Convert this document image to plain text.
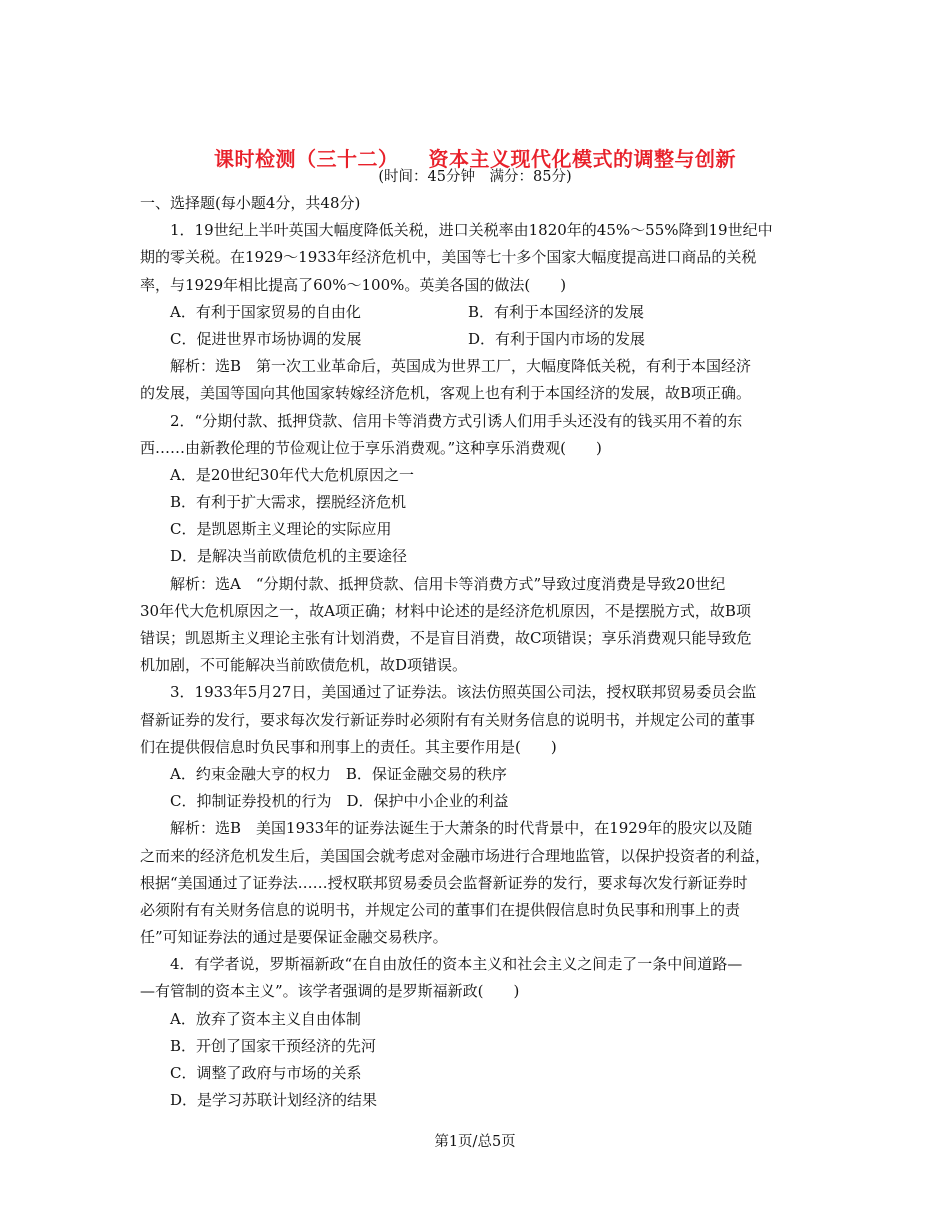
课时检测（三十二） 资本主义现代化模式的调整与创新
(时间：45分钟　满分：85分)
一、选择题(每小题4分，共48分)
1．19世纪上半叶英国大幅度降低关税，进口关税率由1820年的45%～55%降到19世纪中
期的零关税。在1929～1933年经济危机中，美国等七十多个国家大幅度提高进口商品的关税
率，与1929年相比提高了60%～100%。英美各国的做法(　　)
A．有利于国家贸易的自由化	B．有利于本国经济的发展
C．促进世界市场协调的发展	D．有利于国内市场的发展
解析：选B　第一次工业革命后，英国成为世界工厂，大幅度降低关税，有利于本国经济
的发展，美国等国向其他国家转嫁经济危机，客观上也有利于本国经济的发展，故B项正确。
2．“分期付款、抵押贷款、信用卡等消费方式引诱人们用手头还没有的钱买用不着的东
西……由新教伦理的节俭观让位于享乐消费观。”这种享乐消费观(　　)
A．是20世纪30年代大危机原因之一
B．有利于扩大需求，摆脱经济危机
C．是凯恩斯主义理论的实际应用
D．是解决当前欧债危机的主要途径
解析：选A　“分期付款、抵押贷款、信用卡等消费方式”导致过度消费是导致20世纪
30年代大危机原因之一，故A项正确；材料中论述的是经济危机原因，不是摆脱方式，故B项
错误；凯恩斯主义理论主张有计划消费，不是盲目消费，故C项错误；享乐消费观只能导致危
机加剧，不可能解决当前欧债危机，故D项错误。
3．1933年5月27日，美国通过了证券法。该法仿照英国公司法，授权联邦贸易委员会监
督新证券的发行，要求每次发行新证券时必须附有有关财务信息的说明书，并规定公司的董事
们在提供假信息时负民事和刑事上的责任。其主要作用是(　　)
A．约束金融大亨的权力　B．保证金融交易的秩序
C．抑制证券投机的行为　D．保护中小企业的利益
解析：选B　美国1933年的证券法诞生于大萧条的时代背景中，在1929年的股灾以及随
之而来的经济危机发生后，美国国会就考虑对金融市场进行合理地监管，以保护投资者的利益，
根据“美国通过了证券法……授权联邦贸易委员会监督新证券的发行，要求每次发行新证券时
必须附有有关财务信息的说明书，并规定公司的董事们在提供假信息时负民事和刑事上的责
任”可知证券法的通过是要保证金融交易秩序。
4．有学者说，罗斯福新政“在自由放任的资本主义和社会主义之间走了一条中间道路—
—有管制的资本主义”。该学者强调的是罗斯福新政(　　)
A．放弃了资本主义自由体制
B．开创了国家干预经济的先河
C．调整了政府与市场的关系
D．是学习苏联计划经济的结果
第1页/总5页
